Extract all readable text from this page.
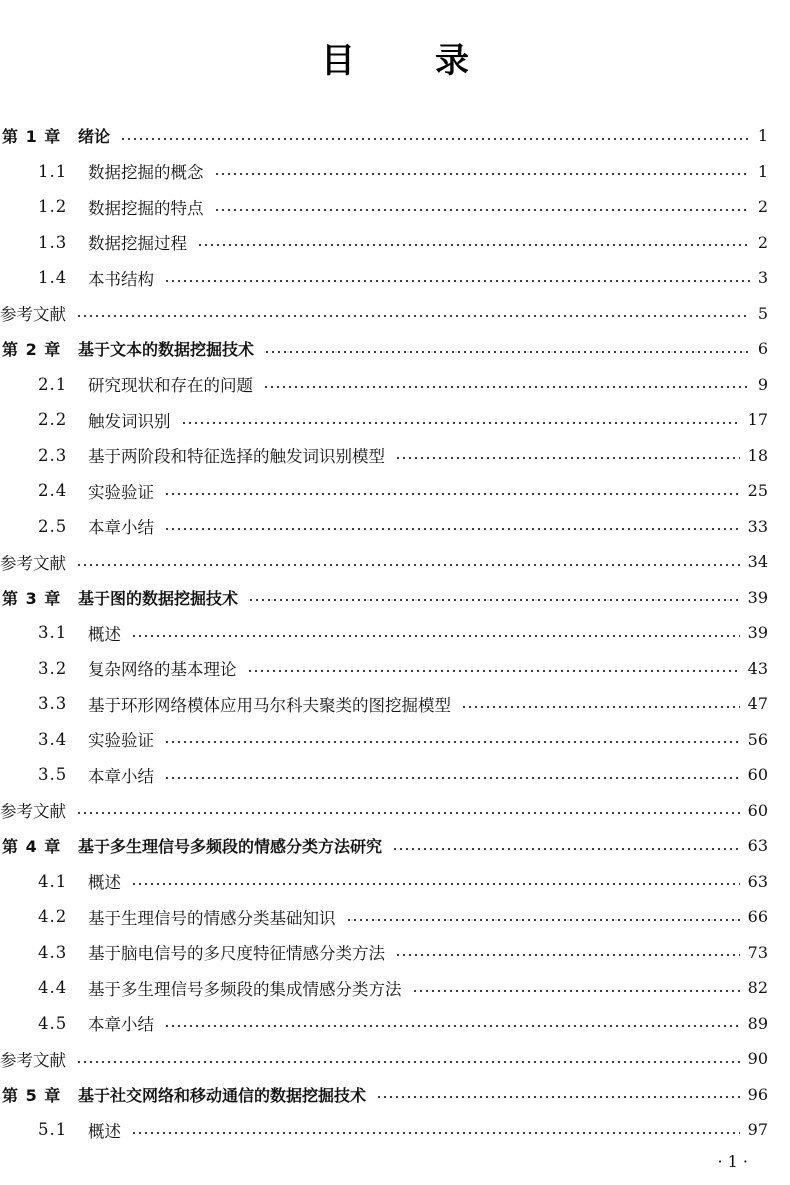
目 录
第 1 章 绪论	1
1.1 数据挖掘的概念	1
1.2 数据挖掘的特点	2
1.3 数据挖掘过程	2
1.4 本书结构	3
参考文献	5
第 2 章 基于文本的数据挖掘技术	6
2.1 研究现状和存在的问题	9
2.2 触发词识别	17
2.3 基于两阶段和特征选择的触发词识别模型	18
2.4 实验验证	25
2.5 本章小结	33
参考文献	34
第 3 章 基于图的数据挖掘技术	39
3.1 概述	39
3.2 复杂网络的基本理论	43
3.3 基于环形网络模体应用马尔科夫聚类的图挖掘模型	47
3.4 实验验证	56
3.5 本章小结	60
参考文献	60
第 4 章 基于多生理信号多频段的情感分类方法研究	63
4.1 概述	63
4.2 基于生理信号的情感分类基础知识	66
4.3 基于脑电信号的多尺度特征情感分类方法	73
4.4 基于多生理信号多频段的集成情感分类方法	82
4.5 本章小结	89
参考文献	90
第 5 章 基于社交网络和移动通信的数据挖掘技术	96
5.1 概述	97
· 1 ·
